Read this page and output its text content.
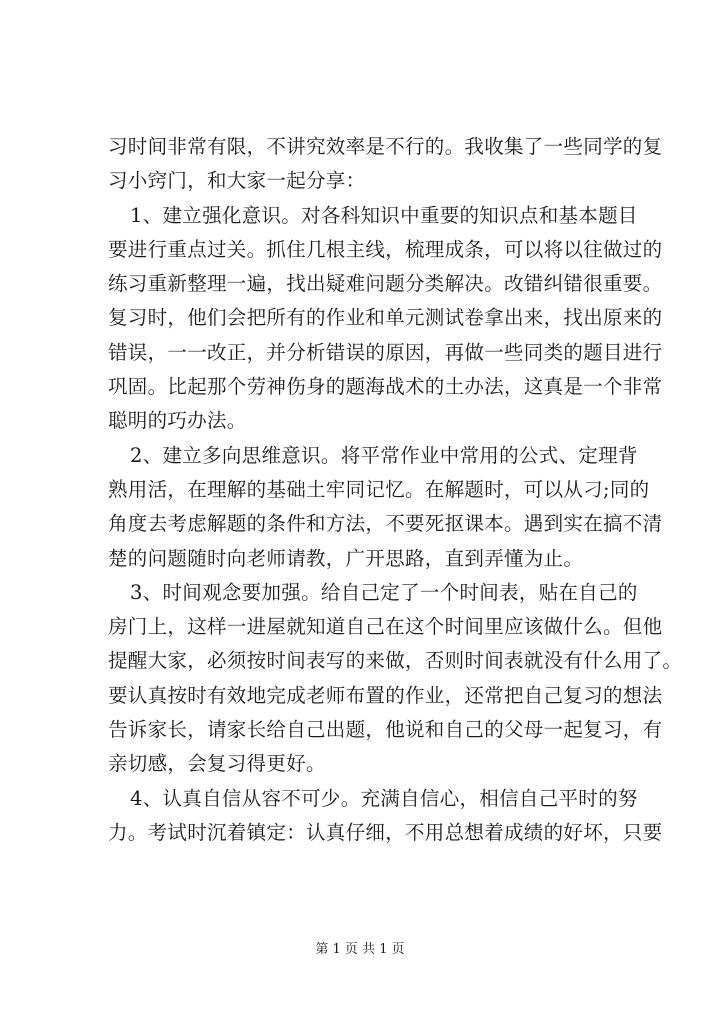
习时间非常有限，不讲究效率是不行的。我收集了一些同学的复
习小窍门，和大家一起分享：
1、建立强化意识。对各科知识中重要的知识点和基本题目
要进行重点过关。抓住几根主线，梳理成条，可以将以往做过的
练习重新整理一遍，找出疑难问题分类解决。改错纠错很重要。
复习时，他们会把所有的作业和单元测试卷拿出来，找出原来的
错误，一一改正，并分析错误的原因，再做一些同类的题目进行
巩固。比起那个劳神伤身的题海战术的土办法，这真是一个非常
聪明的巧办法。
2、建立多向思维意识。将平常作业中常用的公式、定理背
熟用活，在理解的基础土牢同记忆。在解题时，可以从刁;同的
角度去考虑解题的条件和方法，不要死抠课本。遇到实在搞不清
楚的问题随时向老师请教，广开思路，直到弄懂为止。
3、时间观念要加强。给自己定了一个时间表，贴在自己的
房门上，这样一进屋就知道自己在这个时间里应该做什么。但他
提醒大家，必须按时间表写的来做，否则时间表就没有什么用了。
要认真按时有效地完成老师布置的作业，还常把自己复习的想法
告诉家长，请家长给自己出题，他说和自己的父母一起复习，有
亲切感，会复习得更好。
4、认真自信从容不可少。充满自信心，相信自己平时的努
力。考试时沉着镇定：认真仔细，不用总想着成绩的好坏，只要
第 1 页 共 1 页
